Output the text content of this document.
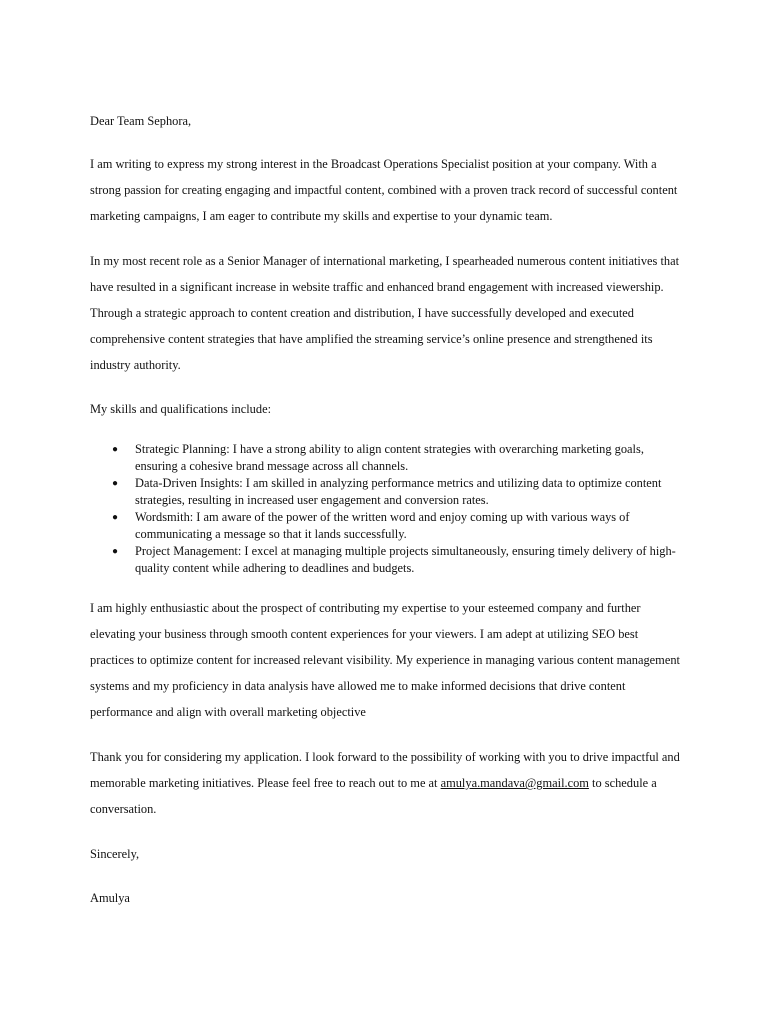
Dear Team Sephora,

I am writing to express my strong interest in the Broadcast Operations Specialist position at your company. With a strong passion for creating engaging and impactful content, combined with a proven track record of successful content marketing campaigns, I am eager to contribute my skills and expertise to your dynamic team.

In my most recent role as a Senior Manager of international marketing, I spearheaded numerous content initiatives that have resulted in a significant increase in website traffic and enhanced brand engagement with increased viewership. Through a strategic approach to content creation and distribution, I have successfully developed and executed comprehensive content strategies that have amplified the streaming service’s online presence and strengthened its industry authority.

My skills and qualifications include:

● Strategic Planning: I have a strong ability to align content strategies with overarching marketing goals, ensuring a cohesive brand message across all channels.
● Data-Driven Insights: I am skilled in analyzing performance metrics and utilizing data to optimize content strategies, resulting in increased user engagement and conversion rates.
● Wordsmith: I am aware of the power of the written word and enjoy coming up with various ways of communicating a message so that it lands successfully.
● Project Management: I excel at managing multiple projects simultaneously, ensuring timely delivery of high-quality content while adhering to deadlines and budgets.

I am highly enthusiastic about the prospect of contributing my expertise to your esteemed company and further elevating your business through smooth content experiences for your viewers. I am adept at utilizing SEO best practices to optimize content for increased relevant visibility. My experience in managing various content management systems and my proficiency in data analysis have allowed me to make informed decisions that drive content performance and align with overall marketing objective

Thank you for considering my application. I look forward to the possibility of working with you to drive impactful and memorable marketing initiatives. Please feel free to reach out to me at amulya.mandava@gmail.com to schedule a conversation.

Sincerely,

Amulya
